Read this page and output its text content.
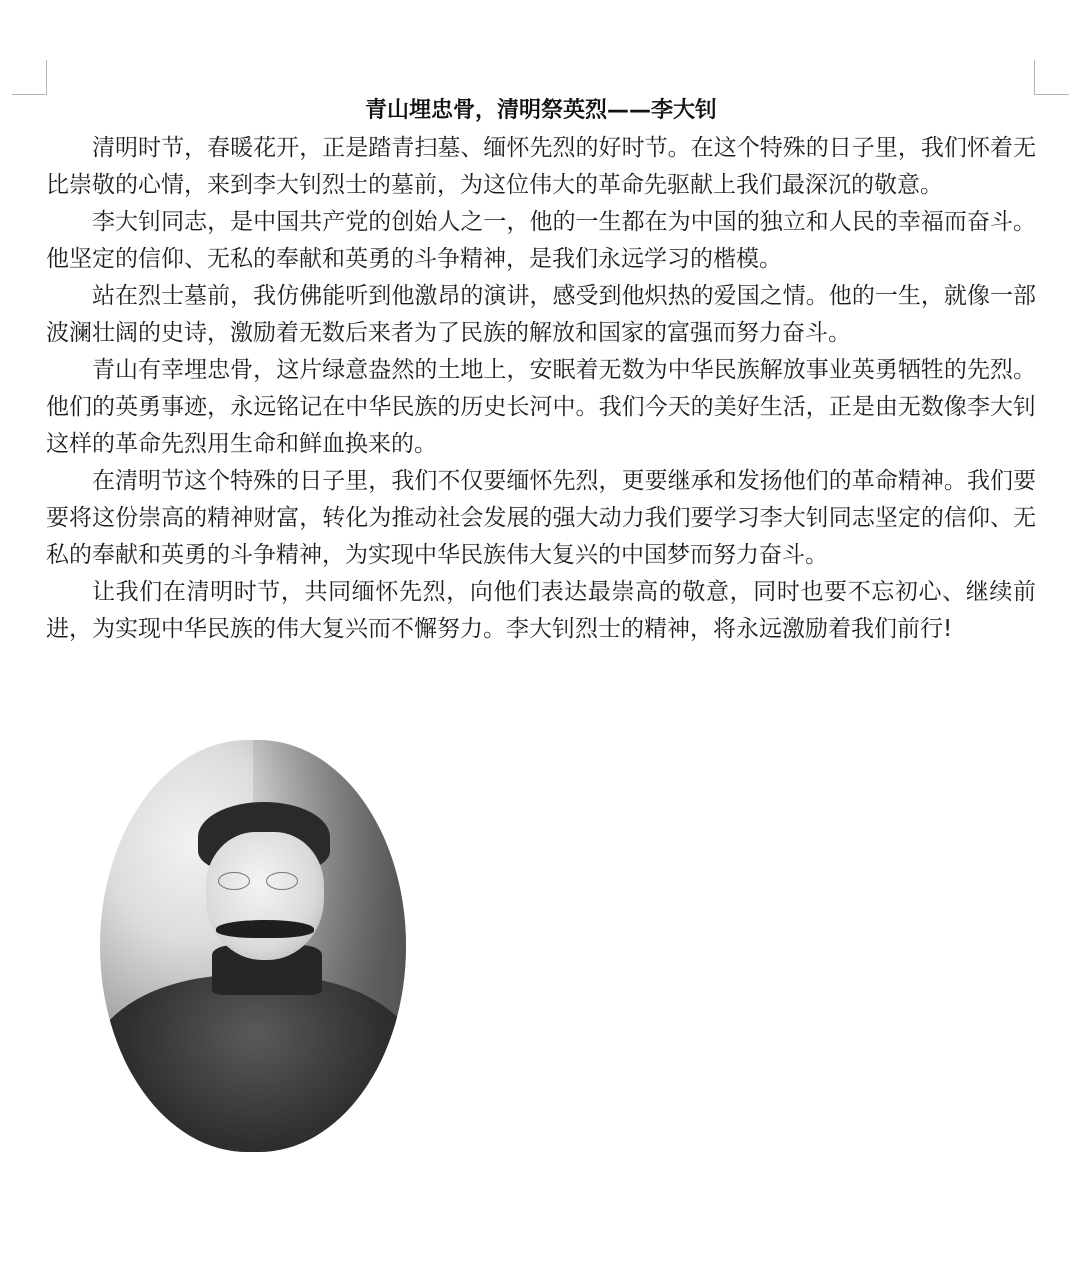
青山埋忠骨，清明祭英烈——李大钊

清明时节，春暖花开，正是踏青扫墓、缅怀先烈的好时节。在这个特殊的日子里，我们怀着无比崇敬的心情，来到李大钊烈士的墓前，为这位伟大的革命先驱献上我们最深沉的敬意。

李大钊同志，是中国共产党的创始人之一，他的一生都在为中国的独立和人民的幸福而奋斗。他坚定的信仰、无私的奉献和英勇的斗争精神，是我们永远学习的楷模。

站在烈士墓前，我仿佛能听到他激昂的演讲，感受到他炽热的爱国之情。他的一生，就像一部波澜壮阔的史诗，激励着无数后来者为了民族的解放和国家的富强而努力奋斗。

青山有幸埋忠骨，这片绿意盎然的土地上，安眠着无数为中华民族解放事业英勇牺牲的先烈。他们的英勇事迹，永远铭记在中华民族的历史长河中。我们今天的美好生活，正是由无数像李大钊这样的革命先烈用生命和鲜血换来的。

在清明节这个特殊的日子里，我们不仅要缅怀先烈，更要继承和发扬他们的革命精神。我们要要将这份崇高的精神财富，转化为推动社会发展的强大动力我们要学习李大钊同志坚定的信仰、无私的奉献和英勇的斗争精神，为实现中华民族伟大复兴的中国梦而努力奋斗。

让我们在清明时节，共同缅怀先烈，向他们表达最崇高的敬意，同时也要不忘初心、继续前进，为实现中华民族的伟大复兴而不懈努力。李大钊烈士的精神，将永远激励着我们前行!
